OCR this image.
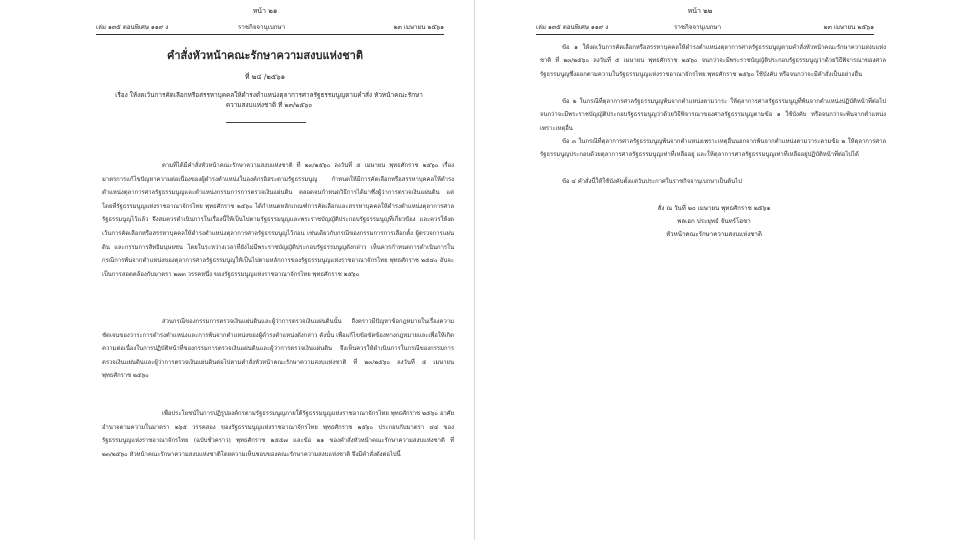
หน้า ๒๑
เล่ม ๑๓๕ ตอนพิเศษ ๑๑๙ ง	ราชกิจจานุเบกษา	๒๓ เมษายน ๒๕๖๑
คำสั่งหัวหน้าคณะรักษาความสงบแห่งชาติ
ที่ ๒๔ /๒๕๖๑
เรื่อง ให้งดเว้นการคัดเลือกหรือสรรหาบุคคลให้ดำรงตำแหน่งตุลาการศาลรัฐธรรมนูญตามคำสั่ง หัวหน้าคณะรักษาความสงบแห่งชาติ ที่ ๒๓/๒๕๖๐

ตามที่ได้มีคำสั่งหัวหน้าคณะรักษาความสงบแห่งชาติ ที่ ๒๓/๒๕๖๐ ลงวันที่ ๕ เมษายน พุทธศักราช ๒๕๖๐ เรื่อง มาตรการแก้ไขปัญหาความต่อเนื่องของผู้ดำรงตำแหน่งในองค์กรอิสระตามรัฐธรรมนูญ กำหนดให้มีการคัดเลือกหรือสรรหาบุคคลให้ดำรงตำแหน่งตุลาการศาลรัฐธรรมนูญและตำแหน่งกรรมการการตรวจเงินแผ่นดิน ตลอดจนกำหนดวิธีการได้มาซึ่งผู้ว่าการตรวจเงินแผ่นดิน แต่โดยที่รัฐธรรมนูญแห่งราชอาณาจักรไทย พุทธศักราช ๒๕๖๐ ได้กำหนดหลักเกณฑ์การคัดเลือกและสรรหาบุคคลให้ดำรงตำแหน่งตุลาการศาลรัฐธรรมนูญไว้แล้ว จึงสมควรดำเนินการในเรื่องนี้ให้เป็นไปตามรัฐธรรมนูญและพระราชบัญญัติประกอบรัฐธรรมนูญที่เกี่ยวข้อง และควรให้งดเว้นการคัดเลือกหรือสรรหาบุคคลให้ดำรงตำแหน่งตุลาการศาลรัฐธรรมนูญไว้ก่อน เช่นเดียวกับกรณีของกรรมการการเลือกตั้ง ผู้ตรวจการแผ่นดิน และกรรมการสิทธิมนุษยชน โดยในระหว่างเวลาที่ยังไม่มีพระราชบัญญัติประกอบรัฐธรรมนูญดังกล่าว เห็นควรกำหนดการดำเนินการในกรณีการพ้นจากตำแหน่งของตุลาการศาลรัฐธรรมนูญให้เป็นไปตามหลักการของรัฐธรรมนูญแห่งราชอาณาจักรไทย พุทธศักราช ๒๕๔๐ อันจะเป็นการสอดคล้องกับมาตรา ๒๗๓ วรรคหนึ่ง ของรัฐธรรมนูญแห่งราชอาณาจักรไทย พุทธศักราช ๒๕๖๐

ส่วนกรณีของกรรมการตรวจเงินแผ่นดินและผู้ว่าการตรวจเงินแผ่นดินนั้น ถึงคราวมีปัญหาข้อกฎหมายในเรื่องความชัดเจนของวาระการดำรงตำแหน่งและการพ้นจากตำแหน่งของผู้ดำรงตำแหน่งดังกล่าว ดังนั้น เพื่อแก้ไขข้อขัดข้องทางกฎหมายและเพื่อให้เกิดความต่อเนื่องในการปฏิบัติหน้าที่ของกรรมการตรวจเงินแผ่นดินและผู้ว่าการตรวจเงินแผ่นดิน จึงเห็นควรให้ดำเนินการในกรณีของกรรมการตรวจเงินแผ่นดินและผู้ว่าการตรวจเงินแผ่นดินต่อไปตามคำสั่งหัวหน้าคณะรักษาความสงบแห่งชาติ ที่ ๒๓/๒๕๖๐ ลงวันที่ ๕ เมษายน พุทธศักราช ๒๕๖๐

เพื่อประโยชน์ในการปฏิรูปองค์กรตามรัฐธรรมนูญภายใต้รัฐธรรมนูญแห่งราชอาณาจักรไทย พุทธศักราช ๒๕๖๐ อาศัยอำนาจตามความในมาตรา ๒๖๕ วรรคสอง ของรัฐธรรมนูญแห่งราชอาณาจักรไทย พุทธศักราช ๒๕๖๐ ประกอบกับมาตรา ๔๔ ของรัฐธรรมนูญแห่งราชอาณาจักรไทย (ฉบับชั่วคราว) พุทธศักราช ๒๕๕๗ และข้อ ๒๑ ของคำสั่งหัวหน้าคณะรักษาความสงบแห่งชาติ ที่ ๒๓/๒๕๖๐ หัวหน้าคณะรักษาความสงบแห่งชาติโดยความเห็นชอบของคณะรักษาความสงบแห่งชาติ จึงมีคำสั่งดังต่อไปนี้

หน้า ๒๒
เล่ม ๑๓๕ ตอนพิเศษ ๑๑๙ ง	ราชกิจจานุเบกษา	๒๓ เมษายน ๒๕๖๑

ข้อ ๑ ให้งดเว้นการคัดเลือกหรือสรรหาบุคคลให้ดำรงตำแหน่งตุลาการศาลรัฐธรรมนูญตามคำสั่งหัวหน้าคณะรักษาความสงบแห่งชาติ ที่ ๒๓/๒๕๖๐ ลงวันที่ ๕ เมษายน พุทธศักราช ๒๕๖๐ จนกว่าจะมีพระราชบัญญัติประกอบรัฐธรรมนูญว่าด้วยวิธีพิจารณาของศาลรัฐธรรมนูญซึ่งออกตามความในรัฐธรรมนูญแห่งราชอาณาจักรไทย พุทธศักราช ๒๕๖๐ ใช้บังคับ หรือจนกว่าจะมีคำสั่งเป็นอย่างอื่น

ข้อ ๒ ในกรณีที่ตุลาการศาลรัฐธรรมนูญพ้นจากตำแหน่งตามวาระ ให้ตุลาการศาลรัฐธรรมนูญที่พ้นจากตำแหน่งปฏิบัติหน้าที่ต่อไปจนกว่าจะมีพระราชบัญญัติประกอบรัฐธรรมนูญว่าด้วยวิธีพิจารณาของศาลรัฐธรรมนูญตามข้อ ๑ ใช้บังคับ หรือจนกว่าจะพ้นจากตำแหน่งเพราะเหตุอื่น

ข้อ ๓ ในกรณีที่ตุลาการศาลรัฐธรรมนูญพ้นจากตำแหน่งเพราะเหตุอื่นนอกจากพ้นจากตำแหน่งตามวาระตามข้อ ๒ ให้ตุลาการศาลรัฐธรรมนูญประกอบด้วยตุลาการศาลรัฐธรรมนูญเท่าที่เหลืออยู่ และให้ตุลาการศาลรัฐธรรมนูญเท่าที่เหลืออยู่ปฏิบัติหน้าที่ต่อไปได้

ข้อ ๔ คำสั่งนี้ให้ใช้บังคับตั้งแต่วันประกาศในราชกิจจานุเบกษาเป็นต้นไป

สั่ง ณ วันที่ ๒๐ เมษายน พุทธศักราช ๒๕๖๑
พลเอก ประยุทธ์ จันทร์โอชา
หัวหน้าคณะรักษาความสงบแห่งชาติ
